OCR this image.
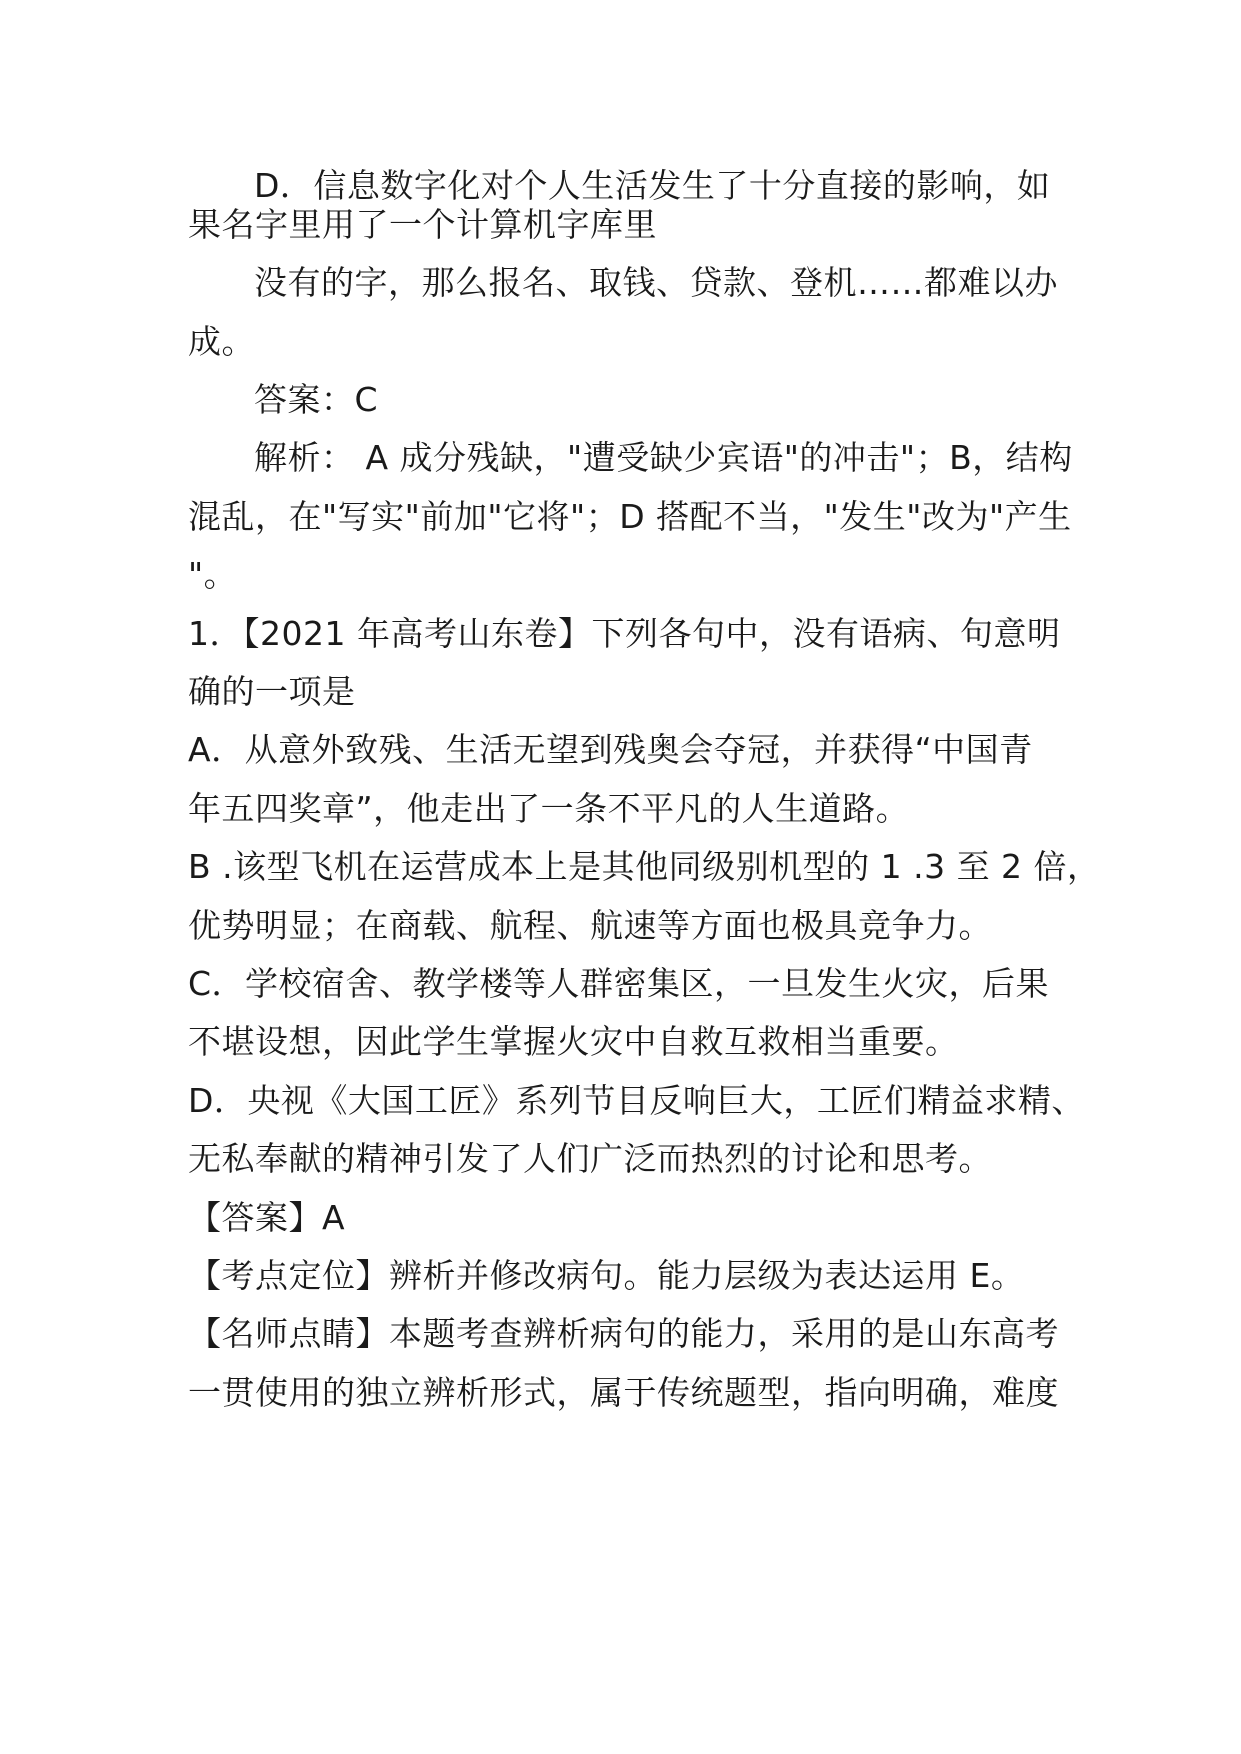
D．信息数字化对个人生活发生了十分直接的影响，如
果名字里用了一个计算机字库里
没有的字，那么报名、取钱、贷款、登机……都难以办
成。
答案：C
解析： A 成分残缺，"遭受缺少宾语"的冲击"；B，结构
混乱，在"写实"前加"它将"；D 搭配不当，"发生"改为"产生
"。
1．【2021 年高考山东卷】下列各句中，没有语病、句意明
确的一项是
A．从意外致残、生活无望到残奥会夺冠，并获得“中国青
年五四奖章”，他走出了一条不平凡的人生道路。
B .该型飞机在运营成本上是其他同级别机型的 1 .3 至 2 倍，
优势明显；在商载、航程、航速等方面也极具竞争力。
C．学校宿舍、教学楼等人群密集区，一旦发生火灾，后果
不堪设想，因此学生掌握火灾中自救互救相当重要。
D．央视《大国工匠》系列节目反响巨大，工匠们精益求精、
无私奉献的精神引发了人们广泛而热烈的讨论和思考。
【答案】A
【考点定位】辨析并修改病句。能力层级为表达运用 E。
【名师点睛】本题考查辨析病句的能力，采用的是山东高考
一贯使用的独立辨析形式，属于传统题型，指向明确，难度
